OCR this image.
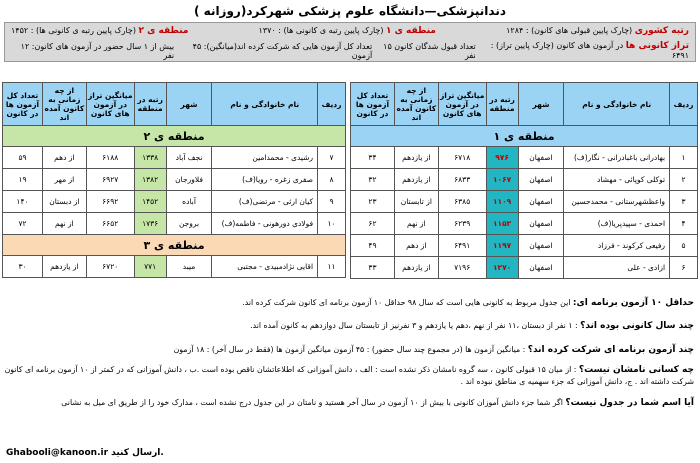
دندانپزشکی—دانشگاه علوم پزشکی شهرکرد(روزانه )
رتبه کشوری (چارک پایین قبولی های کانون) : ۱۲۸۴
منطقه ی ۱ (چارک پایین رتبه ی کانونی ها) : ۱۳۷۰
منطقه ی ۲ (چارک پایین رتبه ی کانونی ها) : ۱۴۵۲
تراز کانونی ها در آزمون های کانون (چارک پایین تراز) : ۶۴۹۱
تعداد قبول شدگان کانون ۱۵ نفر
تعداد کل آزمون هایی که شرکت کرده اند(میانگین): ۴۵ آزمون
بیش از ۱ سال حضور در آزمون های کانون: ۱۲ نفر
ردیف	نام خانوادگی و نام	شهر	رتبه در منطقه	میانگین تراز در آزمون های کانون	از چه زمانی به کانون آمده اند	تعداد کل آزمون ها در کانون
منطقه ی ۱						
۱	بهادرانی باغبادرانی - نگار(ف)	اصفهان	۹۷۶	۶۷۱۸	از یازدهم	۳۴
۲	توکلی کوپائی - مهشاد	اصفهان	۱۰۶۷	۶۸۳۳	از یازدهم	۳۲
۳	واعظشهرستانی - محمدحسین	اصفهان	۱۱۰۹	۶۳۸۵	از تابستان	۲۳
۴	احمدی - سپیدپریا(ف)	اصفهان	۱۱۵۲	۶۲۳۹	از نهم	۶۲
۵	رفیعی کرکوند - فرزاد	اصفهان	۱۱۹۷	۶۴۹۱	از دهم	۴۹
۶	ازادی - علی	اصفهان	۱۲۷۰	۷۱۹۶	از یازدهم	۳۳
ردیف	نام خانوادگی و نام	شهر	رتبه در منطقه	میانگین تراز در آزمون های کانون	از چه زمانی به کانون آمده اند	تعداد کل آزمون ها در کانون
منطقه ی ۲						
۷	رشیدی - محمدامین	نجف آباد	۱۳۳۸	۶۱۸۸	از دهم	۵۹
۸	صفری زغره - رویا(ف)	فلاورجان	۱۳۸۲	۶۹۲۷	از مهر	۱۹
۹	کیان ارثی - مرتضی(ف)	آباده	۱۴۵۲	۶۶۹۲	از دبستان	۱۴۰
۱۰	فولادی دورهونی - فاطمه(ف)	بروجن	۱۷۳۶	۶۶۵۲	از نهم	۷۲
منطقه ی ۳						
۱۱	اقایی نژادمبیدی - مجتبی	میبد	۷۷۱	۶۷۲۰	از یازدهم	۳۰
حداقل ۱۰ آزمون برنامه ای: این جدول مربوط به کانونی هایی است که سال ۹۸ حداقل ۱۰ آزمون برنامه ای کانون شرکت کرده اند.
چند سال کانونی بوده اند؟ : ۱ نفر از دبستان ،۱۱ نفر از نهم ،دهم یا یازدهم و ۳ نفرنیز از تابستان سال دوازدهم به کانون آمده اند.
چند آزمون برنامه ای شرکت کرده اند؟ : میانگین آزمون ها (در مجموع چند سال حضور) : ۴۵ آزمون میانگین آزمون ها (فقط در سال آخر) : ۱۸ آزمون
چه کسانی نامشان نیست؟ : از میان ۱۵ قبولی کانون ، سه گروه نامشان ذکر نشده است : الف ، دانش آموزانی که اطلاعاتشان ناقص بوده است .ب ، دانش آموزانی که در کمتر از ۱۰ آزمون برنامه ای کانون شرکت داشته اند . ج، دانش آموزانی که جزء سهمیه ی مناطق نبوده اند .
آیا اسم شما در جدول نیست؟ اگر شما جزء دانش آموزان کانونی با بیش از ۱۰ آزمون در سال آخر هستید و نامتان در این جدول درج نشده است ، مدارک خود را از طریق ای میل به نشانی
Ghabooli@kanoon.ir ارسال کنید.
